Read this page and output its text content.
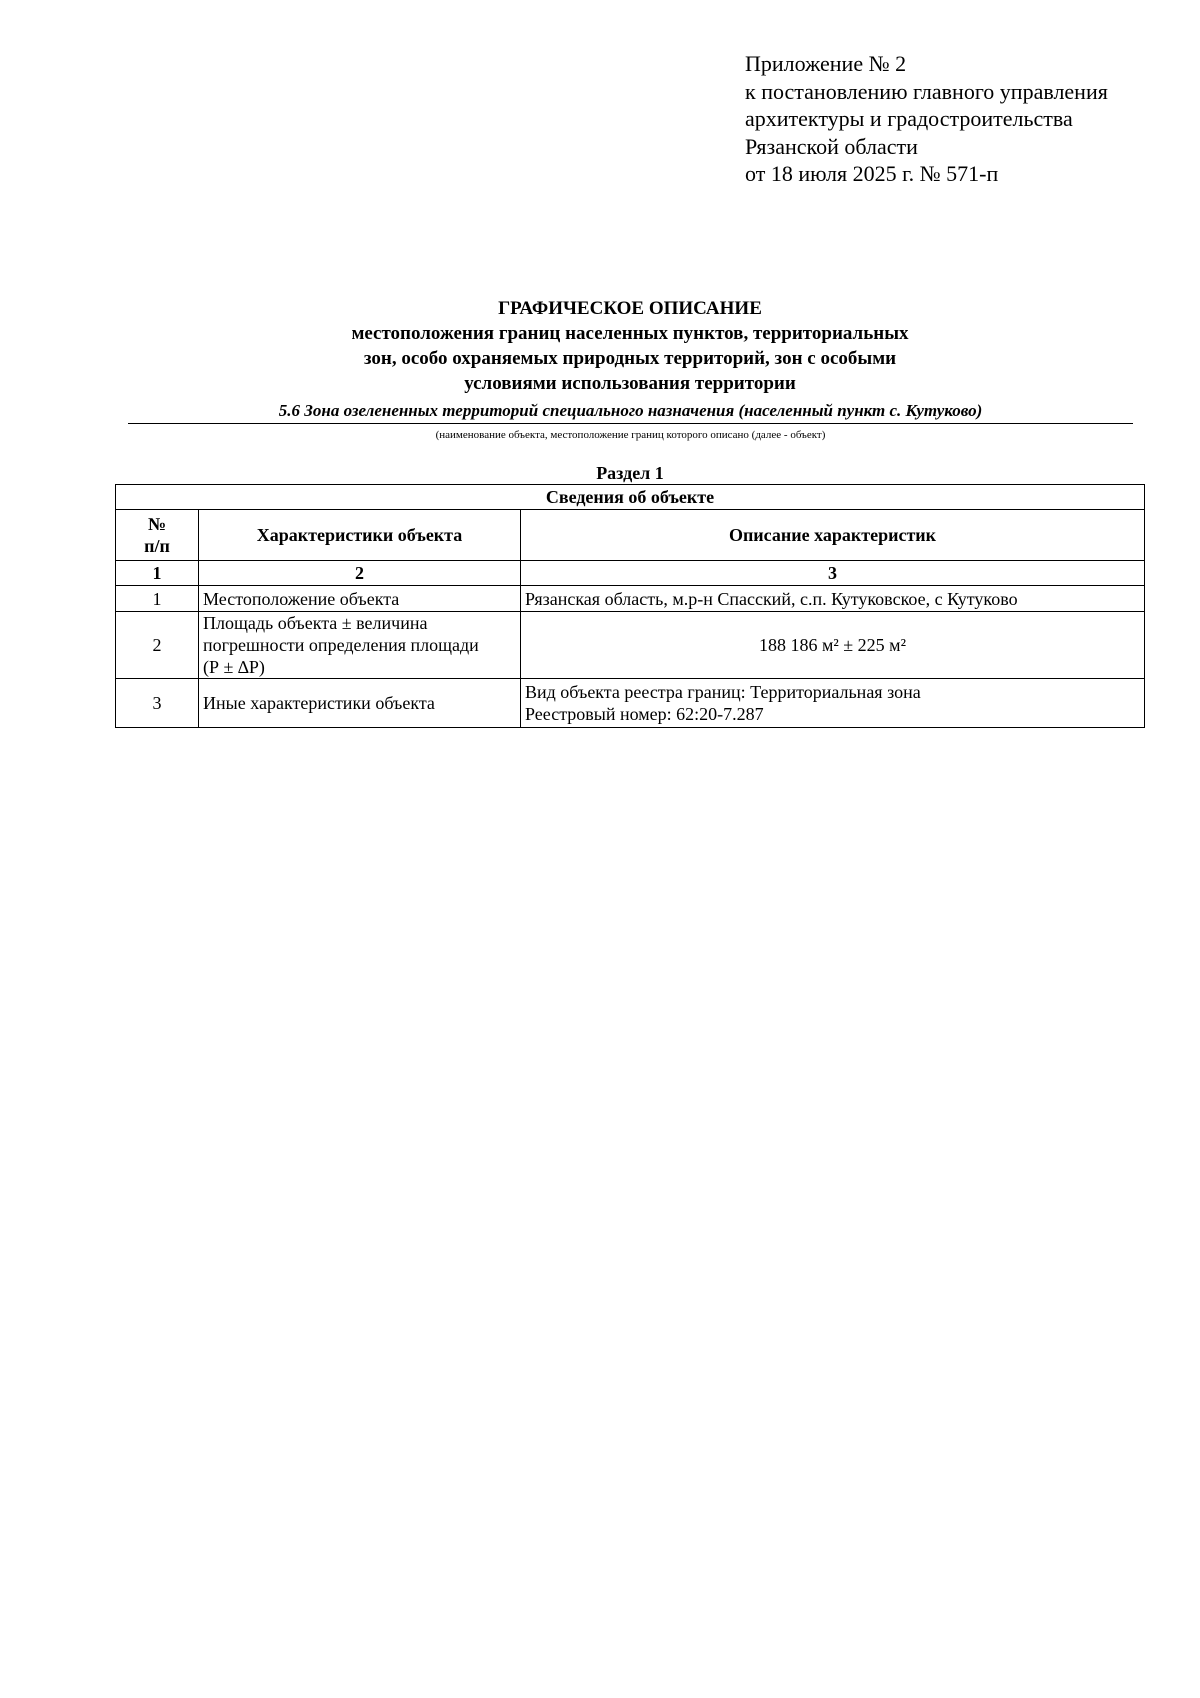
Приложение № 2
к постановлению главного управления
архитектуры и градостроительства
Рязанской области
от 18 июля 2025 г. № 571-п
ГРАФИЧЕСКОЕ ОПИСАНИЕ
местоположения границ населенных пунктов, территориальных
зон, особо охраняемых природных территорий, зон с особыми
условиями использования территории
5.6 Зона озелененных территорий специального назначения (населенный пункт с. Кутуково)
(наименование объекта, местоположение границ которого описано (далее - объект)
Раздел 1
Сведения об объекте		

№
п/п	Характеристики объекта	Описание характеристик
1	2	3
1	Местоположение объекта	Рязанская область, м.р-н Спасский, с.п. Кутуковское, с Кутуково
2	Площадь объекта ± величина
погрешности определения площади
(Р ± ∆Р)	188 186 м² ± 225 м²
3	Иные характеристики объекта	Вид объекта реестра границ: Территориальная зона
Реестровый номер: 62:20-7.287
